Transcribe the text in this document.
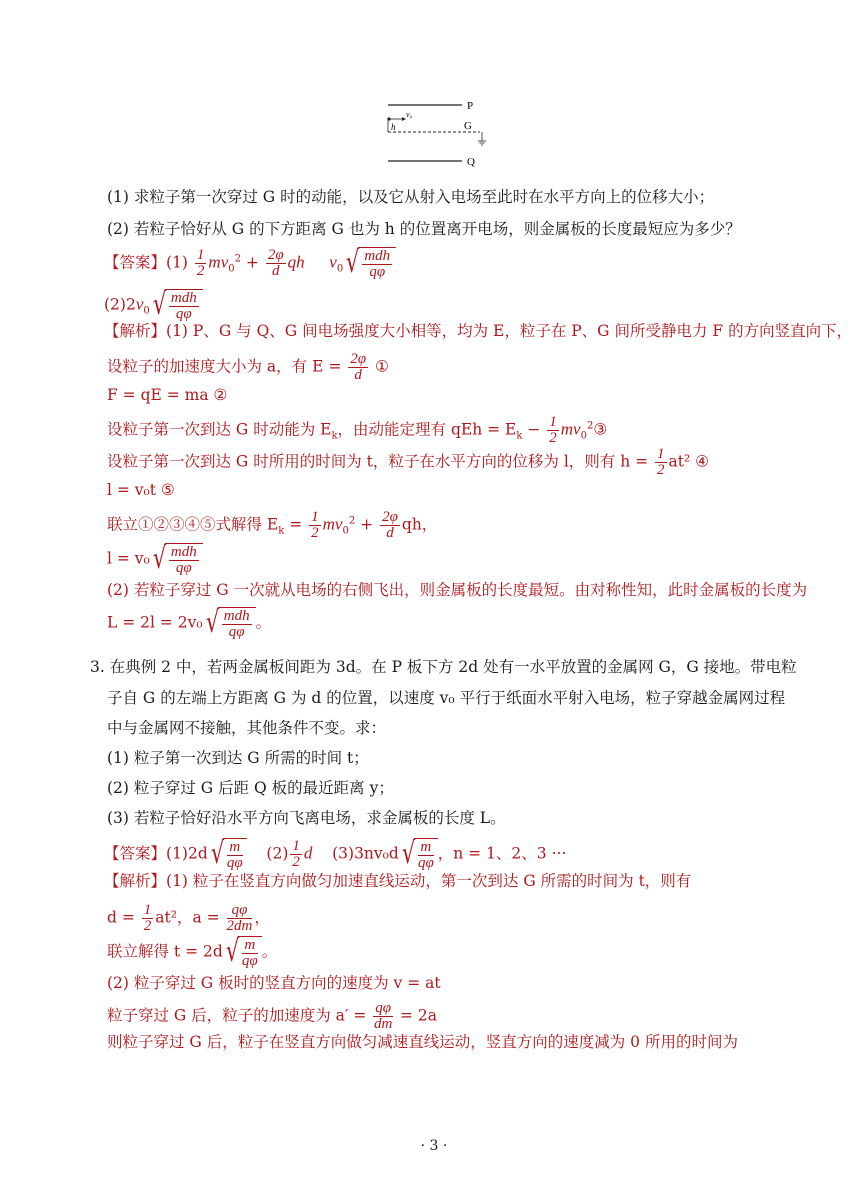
P
G
Q
v₀
h
(1) 求粒子第一次穿过 G 时的动能，以及它从射入电场至此时在水平方向上的位移大小；
(2) 若粒子恰好从 G 的下方距离 G 也为 h 的位置离开电场，则金属板的长度最短应为多少？
【答案】$(1) \frac{1}{2} mv_0^2 + \frac{2\varphi}{d}$ qh $v_0$ √ $\frac{\text{mdh}}{q\varphi}$
$(2)2v_0$ √ $\frac{\text{mdh}}{q\varphi}$
【解析】(1) P、G 与 Q、G 间电场强度大小相等，均为 E，粒子在 P、G 间所受静电力 F 的方向竖直向下，
设粒子的加速度大小为 a，有 $E = \frac{2\varphi}{d}$ ①
F = qE = ma ②
设粒子第一次到达 G 时动能为 $E_k$，由动能定理有 qEh = $E_k - \frac{1}{2}$ $mv_0^2③$
设粒子第一次到达 G 时所用的时间为 t，粒子在水平方向的位移为 l，则有 $h = \frac{1}{2} at^2$ ④
l = v₀t ⑤
联立①②③④⑤式解得 $E_k = \frac{1}{2} mv_0^2 + \frac{2\varphi}{d}$ qh，
l = v₀ √ $\frac{\text{mdh}}{q\varphi}$
(2) 若粒子穿过 G 一次就从电场的右侧飞出，则金属板的长度最短。由对称性知，此时金属板的长度为
L = 2l = 2v₀ √ $\frac{\text{mdh}}{q\varphi}$ 。
3. 在典例 2 中，若两金属板间距为 3d。在 P 板下方 2d 处有一水平放置的金属网 G，G 接地。带电粒
子自 G 的左端上方距离 G 为 d 的位置，以速度 v₀ 平行于纸面水平射入电场，粒子穿越金属网过程
中与金属网不接触，其他条件不变。求：
(1) 粒子第一次到达 G 所需的时间 t；
(2) 粒子穿过 G 后距 Q 板的最近距离 y；
(3) 若粒子恰好沿水平方向飞离电场，求金属板的长度 L。
【答案】(1)2d √ $\frac{m}{q\varphi} (2) \frac{1}{2}$ d (3)3nv₀d √ $\frac{m}{q\varphi}$ ，n = 1、2、3 ···
【解析】(1) 粒子在竖直方向做匀加速直线运动，第一次到达 G 所需的时间为 t，则有
$d = \frac{1}{2} at^2$，$a = \frac{q\varphi}{2dm}$ ，
联立解得 t = 2d √ $\frac{m}{q\varphi}$ 。
(2) 粒子穿过 G 板时的竖直方向的速度为 v = at
粒子穿过 G 后，粒子的加速度为 $a' = \frac{q\varphi}{dm} = 2a$
则粒子穿过 G 后，粒子在竖直方向做匀减速直线运动，竖直方向的速度减为 0 所用的时间为
· 3 ·
